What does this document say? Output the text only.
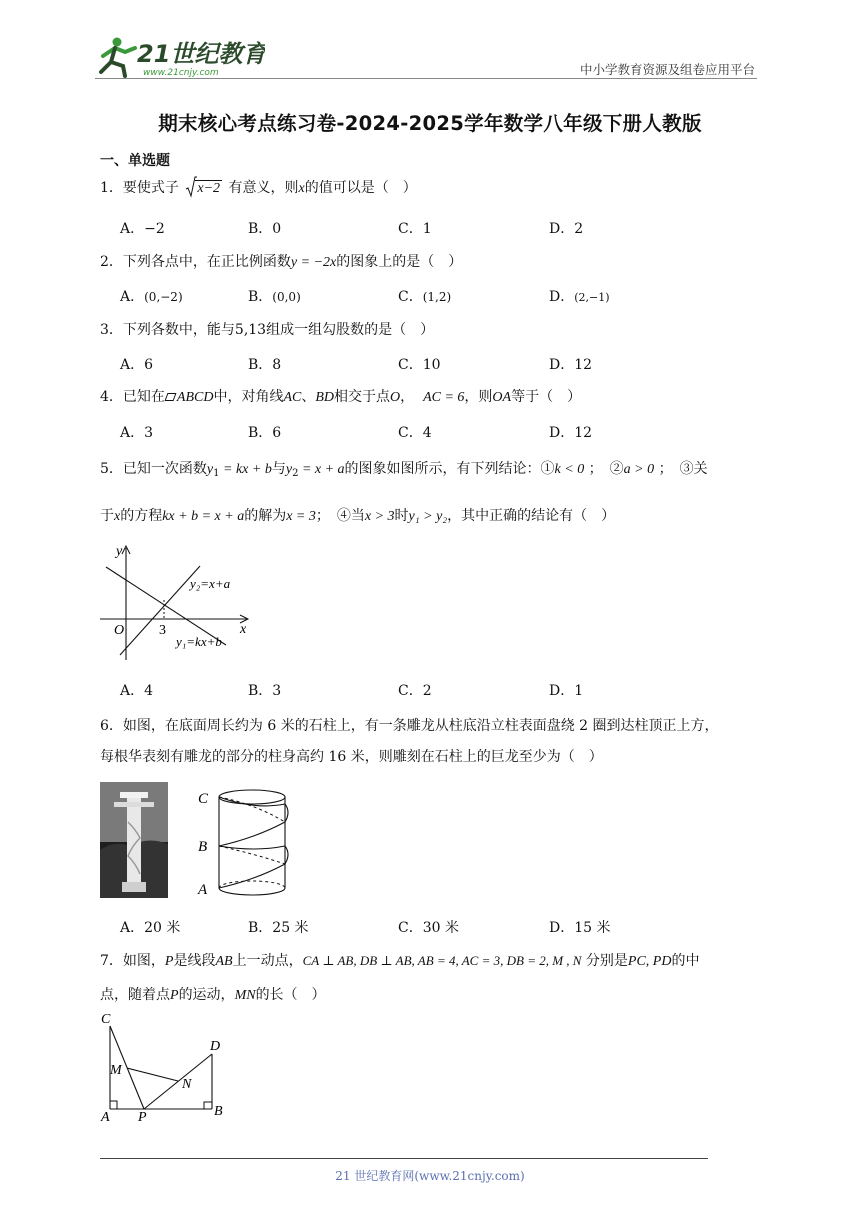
21世纪教育
www.21cnjy.com	中小学教育资源及组卷应用平台
期末核心考点练习卷-2024-2025学年数学八年级下册人教版
一、单选题
1．要使式子 x−2 有意义，则x的值可以是（　）
A．−2	B．0	C．1	D．2
2．下列各点中，在正比例函数y = −2x的图象上的是（　）
A．(0,−2)	B．(0,0)	C．(1,2)	D．(2,−1)
3．下列各数中，能与5,13组成一组勾股数的是（　）
A．6	B．8	C．10	D．12
4．已知在 ABCD中，对角线AC、BD相交于点O， AC = 6，则OA等于（　）
A．3	B．6	C．4	D．12
5．已知一次函数$y_1$ = kx + b与$y_2 = x + a$的图象如图所示，有下列结论：①k < 0 ；　②a > 0 ；　③关
于x的方程kx + b = x + a的解为x = 3；　④当x > 3时y₁ > y₂，其中正确的结论有（　）
y
x
O 3
y₂=x+a
y₁=kx+b
A．4	B．3	C．2	D．1
6．如图，在底面周长约为 6 米的石柱上，有一条雕龙从柱底沿立柱表面盘绕 2 圈到达柱顶正上方，
每根华表刻有雕龙的部分的柱身高约 16 米，则雕刻在石柱上的巨龙至少为（　）
C
B
A
A．20 米	B．25 米	C．30 米	D．15 米
7．如图，P是线段AB上一动点，CA ⊥ AB, DB ⊥ AB, AB = 4, AC = 3, DB = 2, M , N 分别是PC, PD的中
点，随着点P的运动，MN的长（　）
C
D
M
N
A P	B
21 世纪教育网(www.21cnjy.com)
